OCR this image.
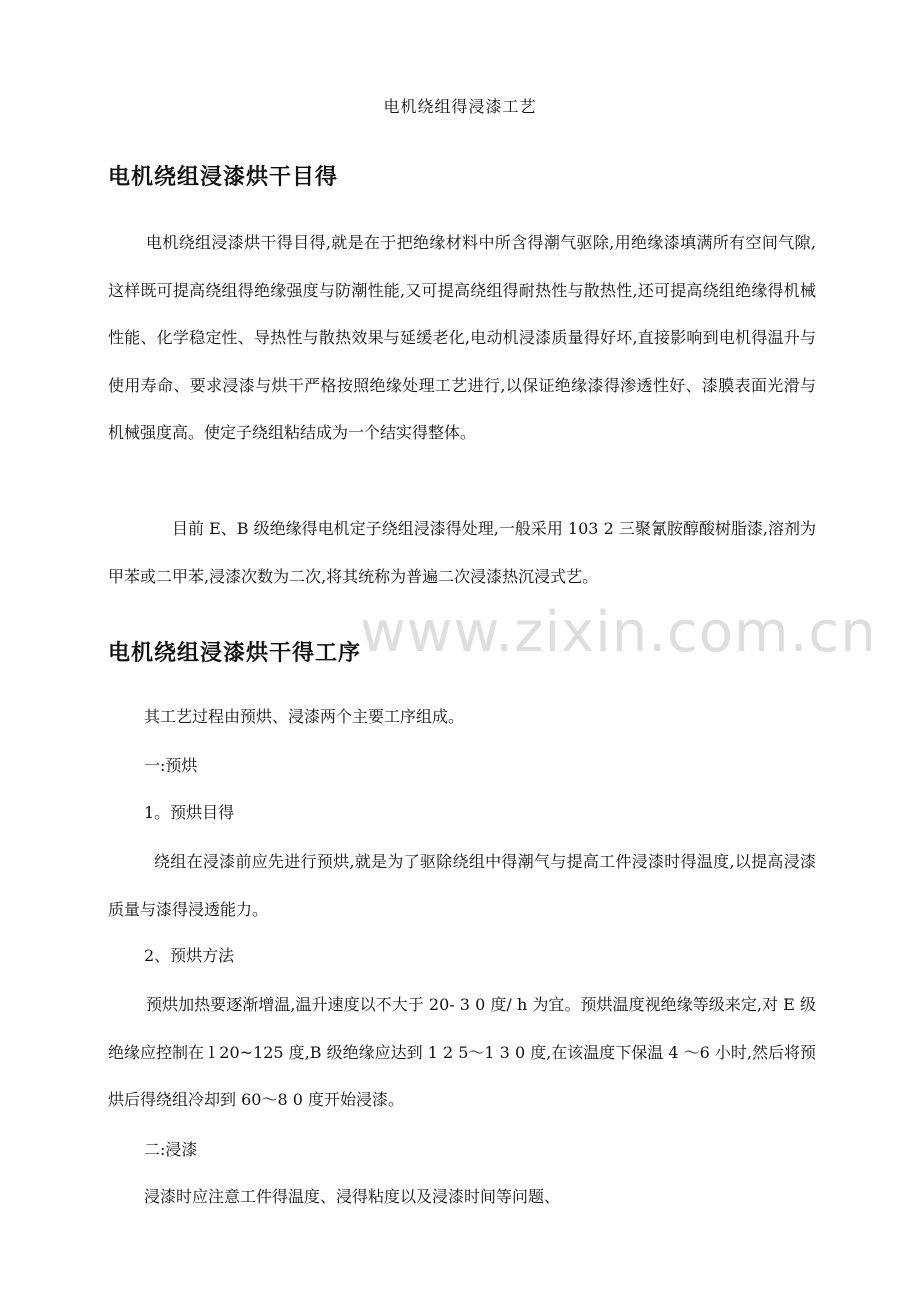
www.zixin.com.cn
电机绕组得浸漆工艺
电机绕组浸漆烘干目得
电机绕组浸漆烘干得目得,就是在于把绝缘材料中所含得潮气驱除,用绝缘漆填满所有空间气隙,这样既可提高绕组得绝缘强度与防潮性能,又可提高绕组得耐热性与散热性,还可提高绕组绝缘得机械性能、化学稳定性、导热性与散热效果与延缓老化,电动机浸漆质量得好坏,直接影响到电机得温升与使用寿命、要求浸漆与烘干严格按照绝缘处理工艺进行,以保证绝缘漆得渗透性好、漆膜表面光滑与机械强度高。使定子绕组粘结成为一个结实得整体。
目前 E、B 级绝缘得电机定子绕组浸漆得处理,一般采用 103 2 三聚氰胺醇酸树脂漆,溶剂为甲苯或二甲苯,浸漆次数为二次,将其统称为普遍二次浸漆热沉浸式艺。
电机绕组浸漆烘干得工序
其工艺过程由预烘、浸漆两个主要工序组成。
一:预烘
1。预烘目得
绕组在浸漆前应先进行预烘,就是为了驱除绕组中得潮气与提高工件浸漆时得温度,以提高浸漆质量与漆得浸透能力。
2、预烘方法
预烘加热要逐渐增温,温升速度以不大于 20- 3 0 度/ h 为宜。预烘温度视绝缘等级来定,对 E 级绝缘应控制在 l 20~125 度,B 级绝缘应达到 1 2 5～1 3 0 度,在该温度下保温 4 ～6 小时,然后将预烘后得绕组冷却到 60～8 0 度开始浸漆。
二:浸漆
浸漆时应注意工件得温度、浸得粘度以及浸漆时间等问题、
